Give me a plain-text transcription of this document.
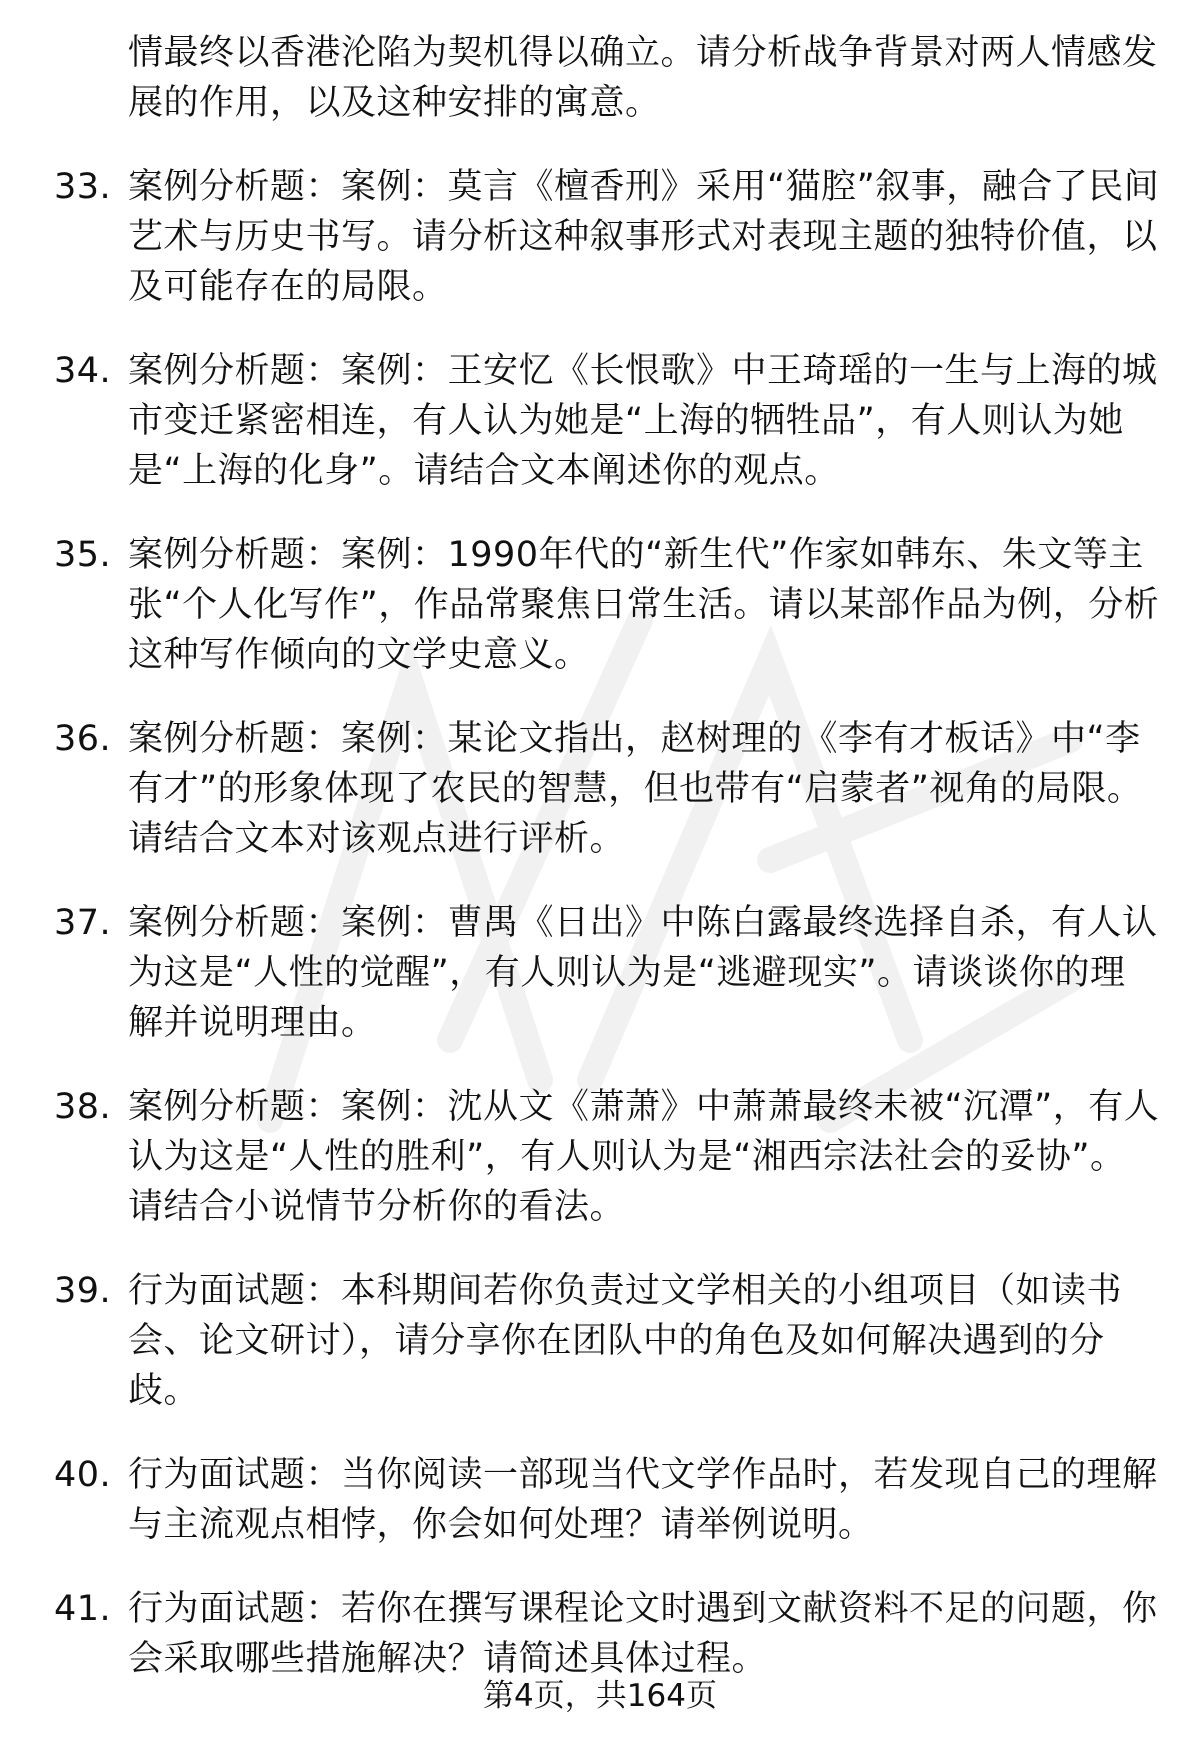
情最终以香港沦陷为契机得以确立。请分析战争背景对两人情感发展的作用，以及这种安排的寓意。
33. 案例分析题：案例：莫言《檀香刑》采用“猫腔”叙事，融合了民间艺术与历史书写。请分析这种叙事形式对表现主题的独特价值，以及可能存在的局限。
34. 案例分析题：案例：王安忆《长恨歌》中王琦瑶的一生与上海的城市变迁紧密相连，有人认为她是“上海的牺牲品”，有人则认为她是“上海的化身”。请结合文本阐述你的观点。
35. 案例分析题：案例：1990年代的“新生代”作家如韩东、朱文等主张“个人化写作”，作品常聚焦日常生活。请以某部作品为例，分析这种写作倾向的文学史意义。
36. 案例分析题：案例：某论文指出，赵树理的《李有才板话》中“李有才”的形象体现了农民的智慧，但也带有“启蒙者”视角的局限。请结合文本对该观点进行评析。
37. 案例分析题：案例：曹禺《日出》中陈白露最终选择自杀，有人认为这是“人性的觉醒”，有人则认为是“逃避现实”。请谈谈你的理解并说明理由。
38. 案例分析题：案例：沈从文《萧萧》中萧萧最终未被“沉潭”，有人认为这是“人性的胜利”，有人则认为是“湘西宗法社会的妥协”。请结合小说情节分析你的看法。
39. 行为面试题：本科期间若你负责过文学相关的小组项目（如读书会、论文研讨），请分享你在团队中的角色及如何解决遇到的分歧。
40. 行为面试题：当你阅读一部现当代文学作品时，若发现自己的理解与主流观点相悖，你会如何处理？请举例说明。
41. 行为面试题：若你在撰写课程论文时遇到文献资料不足的问题，你会采取哪些措施解决？请简述具体过程。
第4页，共164页
